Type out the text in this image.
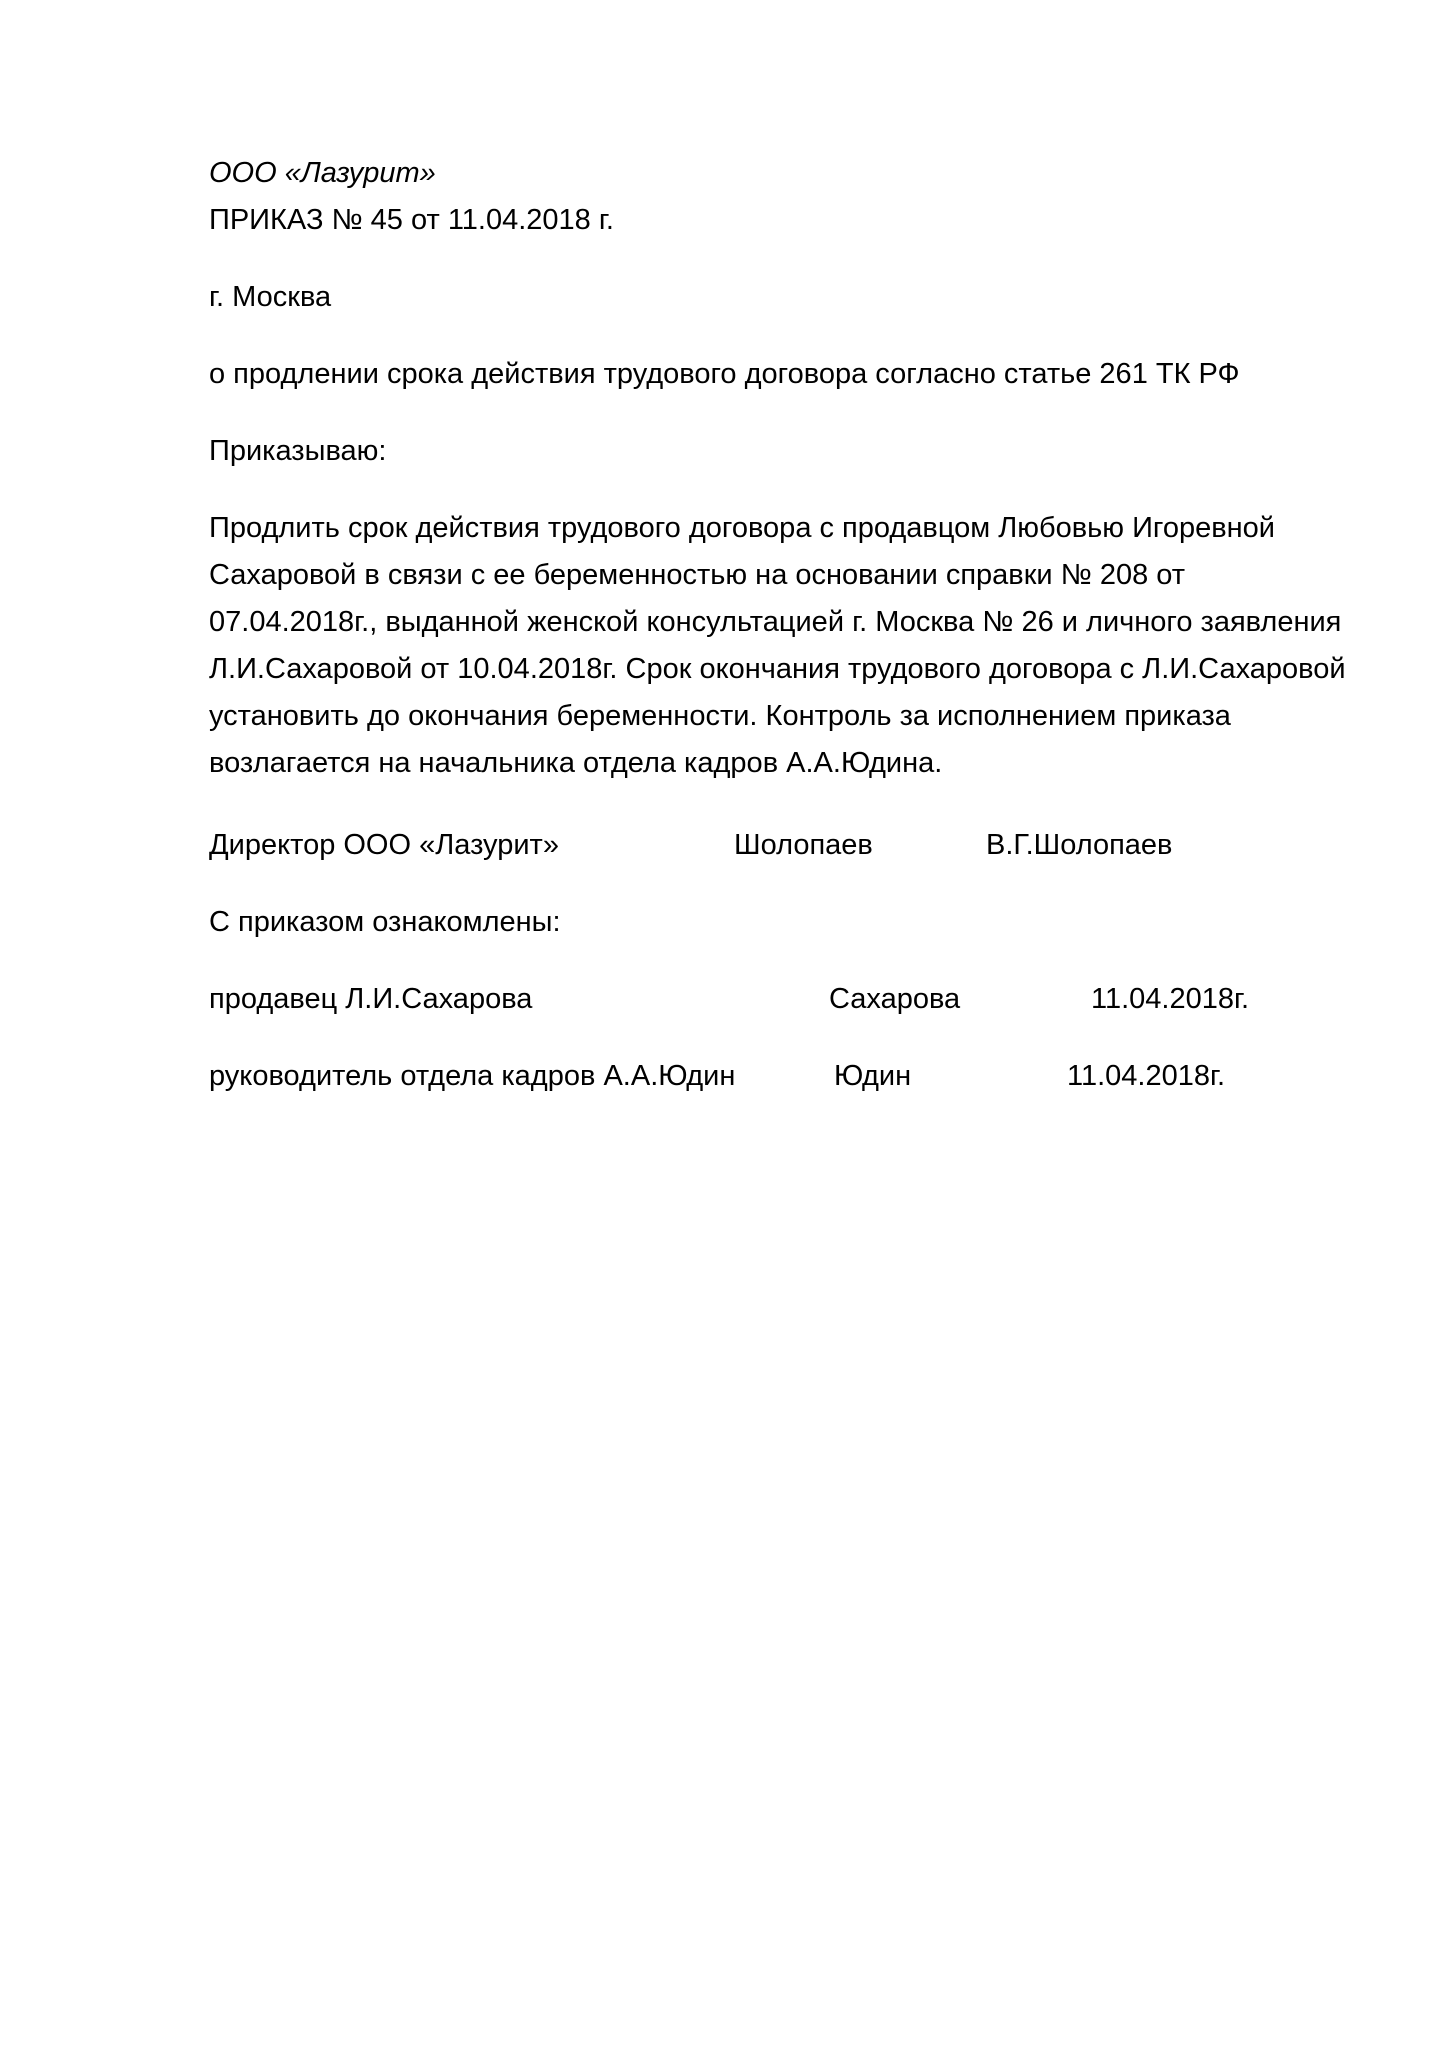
ООО «Лазурит»
ПРИКАЗ № 45 от 11.04.2018 г.
г. Москва
о продлении срока действия трудового договора согласно статье 261 ТК РФ
Приказываю:
Продлить срок действия трудового договора с продавцом Любовью Игоревной Сахаровой в связи с ее беременностью на основании справки № 208 от 07.04.2018г., выданной женской консультацией г. Москва № 26 и личного заявления Л.И.Сахаровой от 10.04.2018г. Срок окончания трудового договора с Л.И.Сахаровой установить до окончания беременности. Контроль за исполнением приказа возлагается на начальника отдела кадров А.А.Юдина.
Директор ООО «Лазурит»	Шолопаев	В.Г.Шолопаев
С приказом ознакомлены:
продавец Л.И.Сахарова	Сахарова	11.04.2018г.
руководитель отдела кадров А.А.Юдин	Юдин	11.04.2018г.
